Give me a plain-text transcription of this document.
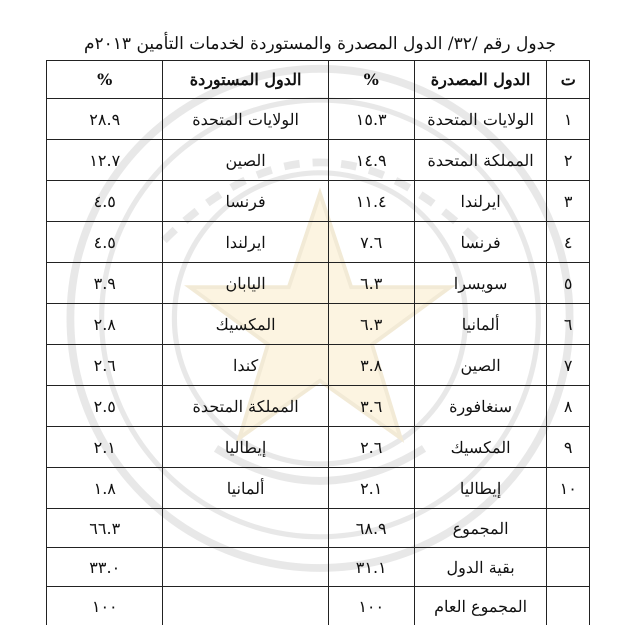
جدول رقم /٣٢/ الدول المصدرة والمستوردة لخدمات التأمين ٢٠١٣م
ت	الدول المصدرة	%	الدول المستوردة	%
١	الولايات المتحدة	١٥.٣	الولايات المتحدة	٢٨.٩
٢	المملكة المتحدة	١٤.٩	الصين	١٢.٧
٣	ايرلندا	١١.٤	فرنسا	٤.٥
٤	فرنسا	٧.٦	ايرلندا	٤.٥
٥	سويسرا	٦.٣	اليابان	٣.٩
٦	ألمانيا	٦.٣	المكسيك	٢.٨
٧	الصين	٣.٨	كندا	٢.٦
٨	سنغافورة	٣.٦	المملكة المتحدة	٢.٥
٩	المكسيك	٢.٦	إيطاليا	٢.١
١٠	إيطاليا	٢.١	ألمانيا	١.٨
	المجموع	٦٨.٩		٦٦.٣
	بقية الدول	٣١.١		٣٣.٠
	المجموع العام	١٠٠		١٠٠
